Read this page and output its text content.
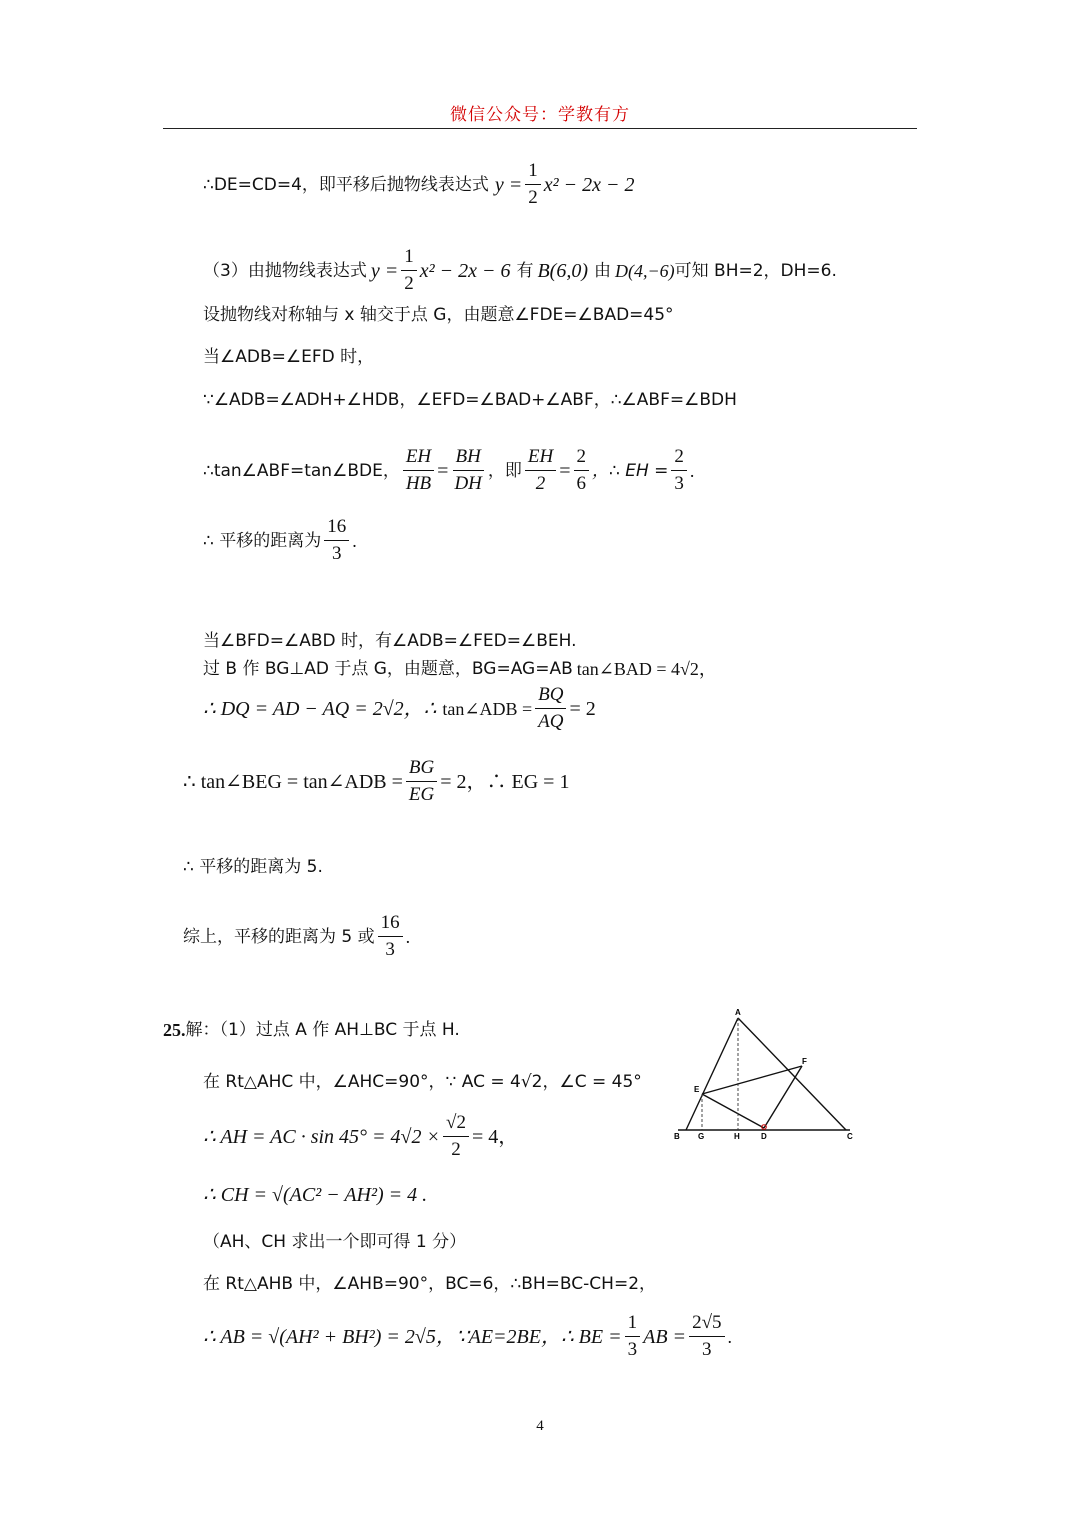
微信公众号：学教有方
∴DE=CD=4，即平移后抛物线表达式 $y = \frac{1}{2} x^2 - 2x - 2$
（3）由抛物线表达式 $y = \frac{1}{2} x^2 - 2x - 6$ 有 B(6,0) 由 D(4,−6) 可知 BH=2，DH=6.
设抛物线对称轴与 x 轴交于点 G，由题意∠FDE=∠BAD=45°
当∠ADB=∠EFD 时，
∵∠ADB=∠ADH+∠HDB，∠EFD=∠BAD+∠ABF，∴∠ABF=∠BDH
∴tan∠ABF=tan∠BDE， $\frac{EH}{HB} = \frac{BH}{DH}$ ，即 $\frac{EH}{2} = \frac{2}{6}$ ，∴ EH = $\frac{2}{3}$ .
∴ 平移的距离为 $\frac{16}{3}$ .
当∠BFD=∠ABD 时，有∠ADB=∠FED=∠BEH.
过 B 作 BG⊥AD 于点 G，由题意，BG=AG=AB tan∠BAD = 4√2，
∴ DQ = AD − AQ = 2√2，∴ tan∠ADB = $\frac{BQ}{AQ} = 2$
∴ tan∠BEG = tan∠ADB = $\frac{BG}{EG} = 2$，∴ EG = 1
∴ 平移的距离为 5.
综上，平移的距离为 5 或 $\frac{16}{3}$ .
25. 解：（1）过点 A 作 AH⊥BC 于点 H.
在 Rt△AHC 中，∠AHC=90°，∵ AC = 4√2，∠C = 45°
∴ AH = AC · $\sin 45^\circ = 4√2 \times \frac{√2}{2} = 4$，
∴ CH = √(AC² − AH²) = 4 .
（AH、CH 求出一个即可得 1 分）
在 Rt△AHB 中，∠AHB=90°，BC=6，∴BH=BC-CH=2，
∴ AB = √(AH² + BH²) = 2√5，∵AE=2BE，∴ BE = $\frac{1}{3}$ AB = $\frac{2√5}{3}$ .
A
B	C
D
E
F
G	H
4
